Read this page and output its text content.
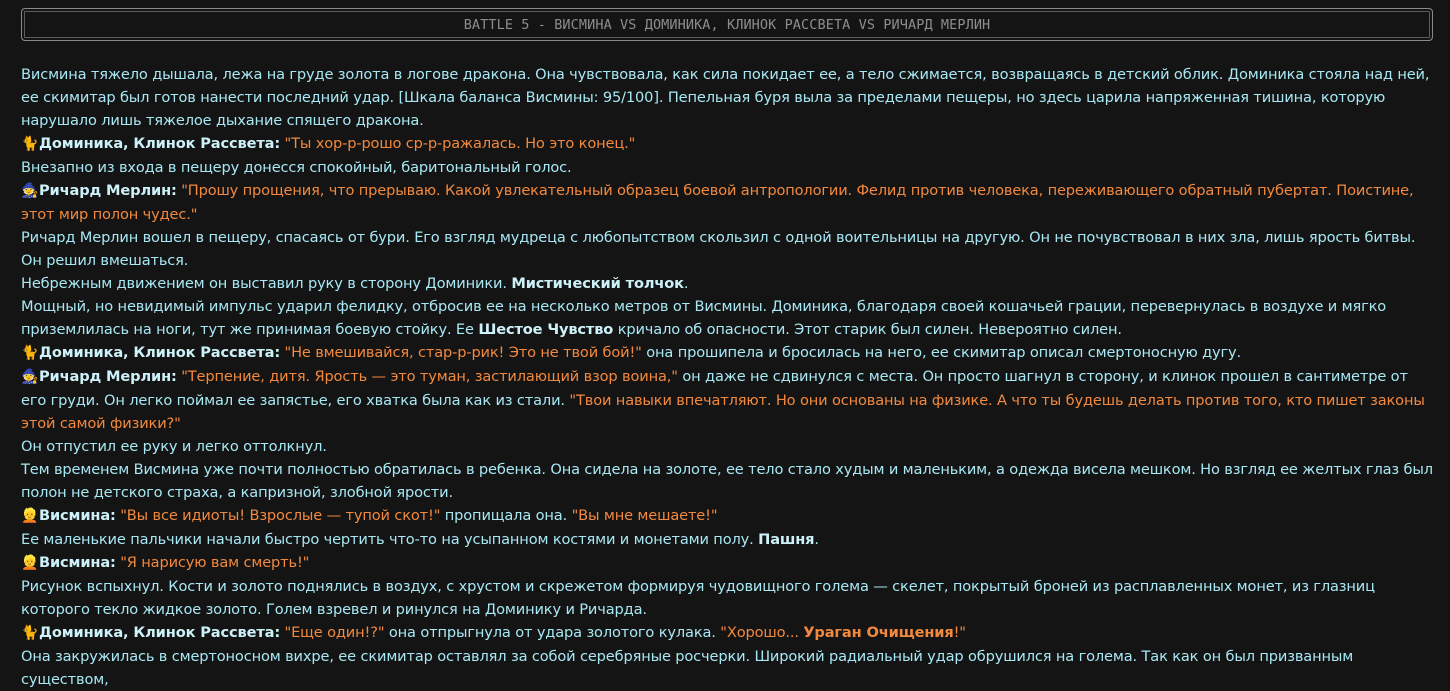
BATTLE 5 - ВИСМИНА VS ДОМИНИКА, КЛИНОК РАССВЕТА VS РИЧАРД МЕРЛИН

Висмина тяжело дышала, лежа на груде золота в логове дракона. Она чувствовала, как сила покидает ее, а тело сжимается, возвращаясь в детский облик. Доминика стояла над ней, ее скимитар был готов нанести последний удар. [Шкала баланса Висмины: 95/100]. Пепельная буря выла за пределами пещеры, но здесь царила напряженная тишина, которую нарушало лишь тяжелое дыхание спящего дракона.

🐈Доминика, Клинок Рассвета: "Ты хор-р-рошо ср-р-ражалась. Но это конец."

Внезапно из входа в пещеру донесся спокойный, баритональный голос.

🧙Ричард Мерлин: "Прошу прощения, что прерываю. Какой увлекательный образец боевой антропологии. Фелид против человека, переживающего обратный пубертат. Поистине, этот мир полон чудес."

Ричард Мерлин вошел в пещеру, спасаясь от бури. Его взгляд мудреца с любопытством скользил с одной воительницы на другую. Он не почувствовал в них зла, лишь ярость битвы. Он решил вмешаться.

Небрежным движением он выставил руку в сторону Доминики. Мистический толчок.

Мощный, но невидимый импульс ударил фелидку, отбросив ее на несколько метров от Висмины. Доминика, благодаря своей кошачьей грации, перевернулась в воздухе и мягко приземлилась на ноги, тут же принимая боевую стойку. Ее Шестое Чувство кричало об опасности. Этот старик был силен. Невероятно силен.

🐈Доминика, Клинок Рассвета: "Не вмешивайся, стар-р-рик! Это не твой бой!" она прошипела и бросилась на него, ее скимитар описал смертоносную дугу.

🧙Ричард Мерлин: "Терпение, дитя. Ярость — это туман, застилающий взор воина," он даже не сдвинулся с места. Он просто шагнул в сторону, и клинок прошел в сантиметре от его груди. Он легко поймал ее запястье, его хватка была как из стали. "Твои навыки впечатляют. Но они основаны на физике. А что ты будешь делать против того, кто пишет законы этой самой физики?"

Он отпустил ее руку и легко оттолкнул.

Тем временем Висмина уже почти полностью обратилась в ребенка. Она сидела на золоте, ее тело стало худым и маленьким, а одежда висела мешком. Но взгляд ее желтых глаз был полон не детского страха, а капризной, злобной ярости.

👱Висмина: "Вы все идиоты! Взрослые — тупой скот!" пропищала она. "Вы мне мешаете!"

Ее маленькие пальчики начали быстро чертить что-то на усыпанном костями и монетами полу. Пашня.

👱Висмина: "Я нарисую вам смерть!"

Рисунок вспыхнул. Кости и золото поднялись в воздух, с хрустом и скрежетом формируя чудовищного голема — скелет, покрытый броней из расплавленных монет, из глазниц которого текло жидкое золото. Голем взревел и ринулся на Доминику и Ричарда.

🐈Доминика, Клинок Рассвета: "Еще один!?" она отпрыгнула от удара золотого кулака. "Хорошо... Ураган Очищения!"

Она закружилась в смертоносном вихре, ее скимитар оставлял за собой серебряные росчерки. Широкий радиальный удар обрушился на голема. Так как он был призванным существом,
